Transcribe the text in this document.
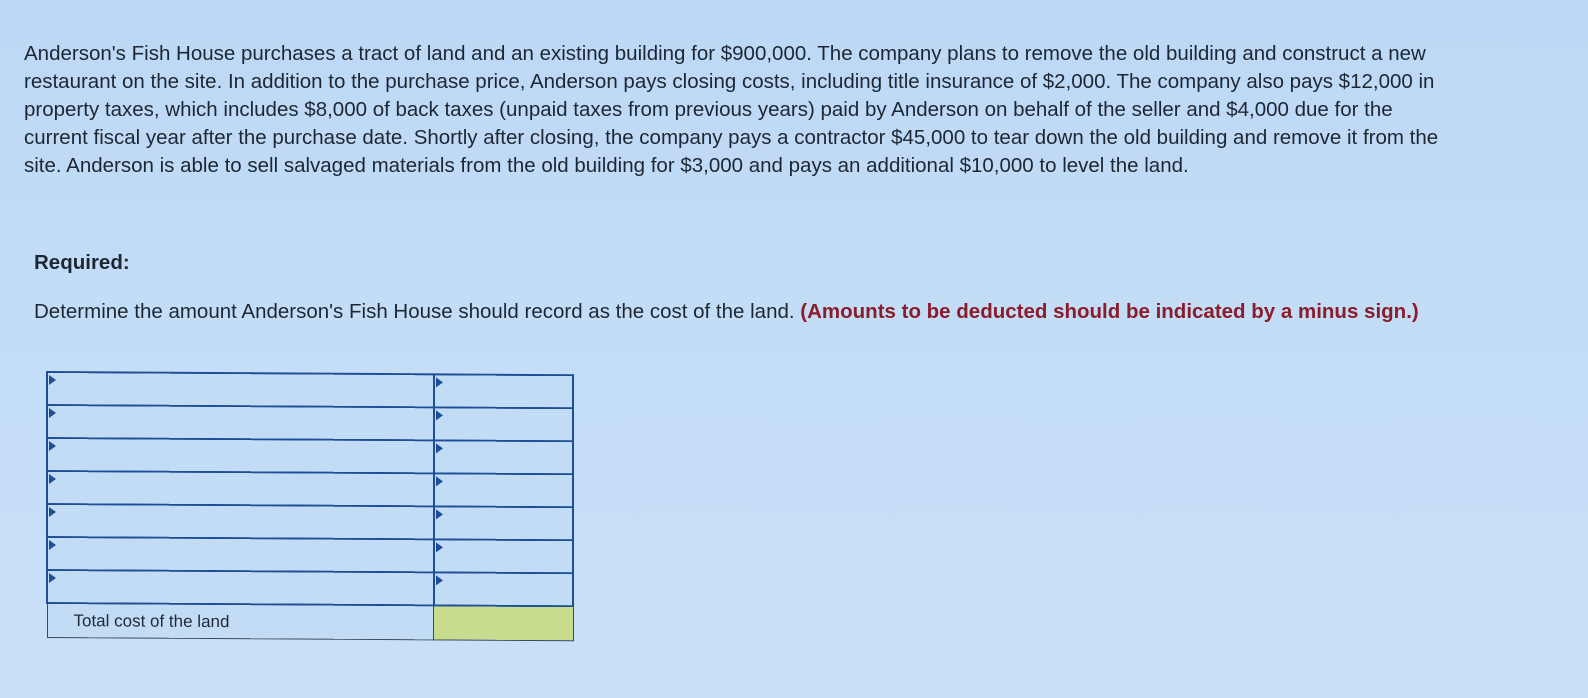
Anderson's Fish House purchases a tract of land and an existing building for $900,000. The company plans to remove the old building and construct a new restaurant on the site. In addition to the purchase price, Anderson pays closing costs, including title insurance of $2,000. The company also pays $12,000 in property taxes, which includes $8,000 of back taxes (unpaid taxes from previous years) paid by Anderson on behalf of the seller and $4,000 due for the current fiscal year after the purchase date. Shortly after closing, the company pays a contractor $45,000 to tear down the old building and remove it from the site. Anderson is able to sell salvaged materials from the old building for $3,000 and pays an additional $10,000 to level the land.
Required:

Determine the amount Anderson's Fish House should record as the cost of the land. (Amounts to be deducted should be indicated by a minus sign.)

Total cost of the land	
